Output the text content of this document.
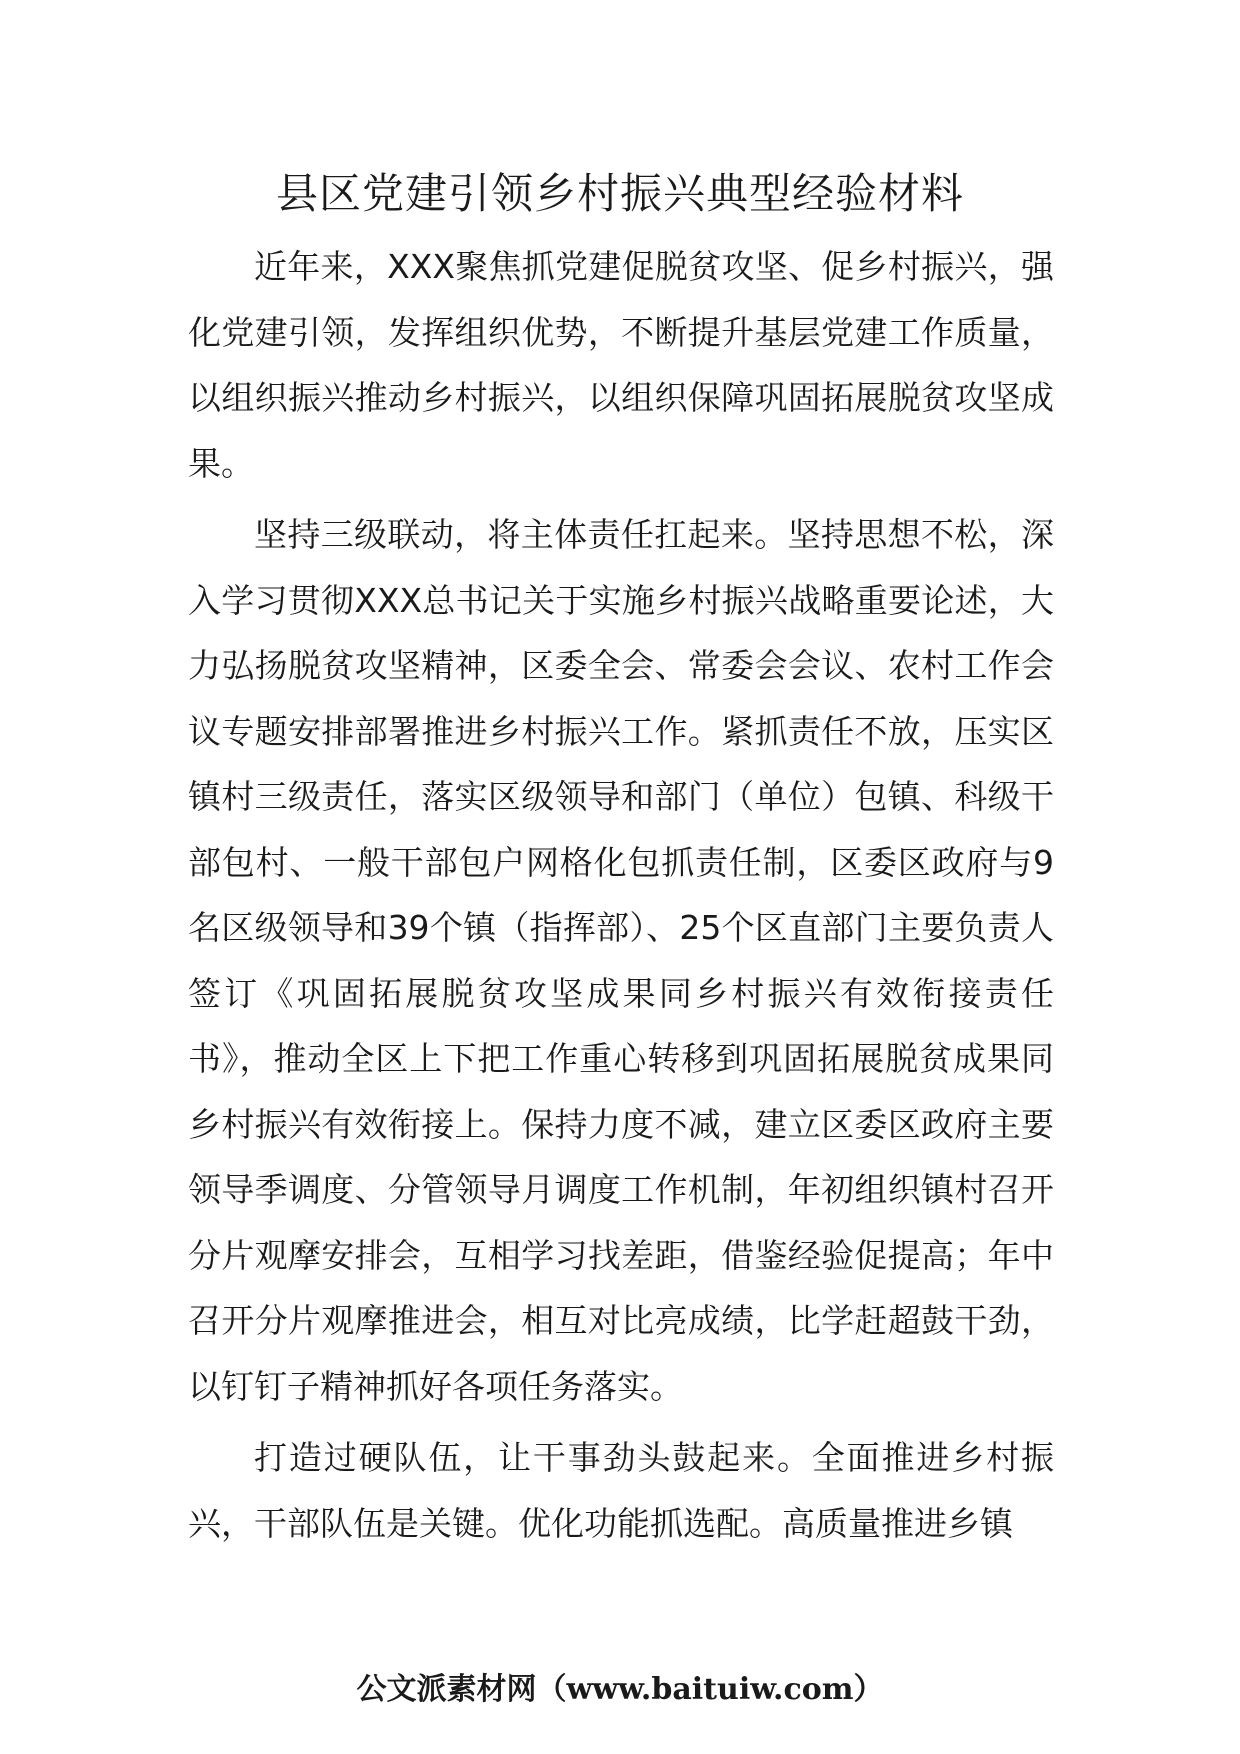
县区党建引领乡村振兴典型经验材料

近年来，XXX聚焦抓党建促脱贫攻坚、促乡村振兴，强化党建引领，发挥组织优势，不断提升基层党建工作质量，以组织振兴推动乡村振兴，以组织保障巩固拓展脱贫攻坚成果。

坚持三级联动，将主体责任扛起来。坚持思想不松，深入学习贯彻XXX总书记关于实施乡村振兴战略重要论述，大力弘扬脱贫攻坚精神，区委全会、常委会会议、农村工作会议专题安排部署推进乡村振兴工作。紧抓责任不放，压实区镇村三级责任，落实区级领导和部门（单位）包镇、科级干部包村、一般干部包户网格化包抓责任制，区委区政府与9名区级领导和39个镇（指挥部）、25个区直部门主要负责人签订《巩固拓展脱贫攻坚成果同乡村振兴有效衔接责任书》，推动全区上下把工作重心转移到巩固拓展脱贫成果同乡村振兴有效衔接上。保持力度不减，建立区委区政府主要领导季调度、分管领导月调度工作机制，年初组织镇村召开分片观摩安排会，互相学习找差距，借鉴经验促提高；年中召开分片观摩推进会，相互对比亮成绩，比学赶超鼓干劲，以钉钉子精神抓好各项任务落实。

打造过硬队伍，让干事劲头鼓起来。全面推进乡村振兴，干部队伍是关键。优化功能抓选配。高质量推进乡镇

公文派素材网（www.baituiw.com）
